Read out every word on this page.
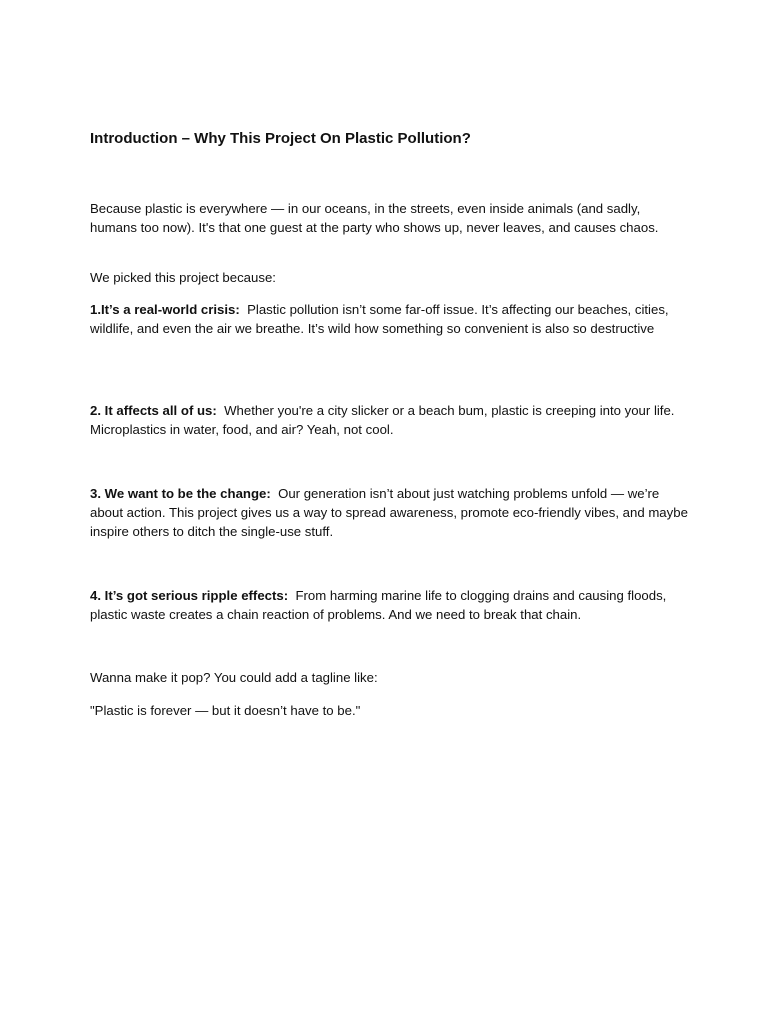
Introduction – Why This Project On Plastic Pollution?

Because plastic is everywhere — in our oceans, in the streets, even inside animals (and sadly, humans too now). It's that one guest at the party who shows up, never leaves, and causes chaos.

We picked this project because:

1.It’s a real-world crisis: Plastic pollution isn’t some far-off issue. It’s affecting our beaches, cities, wildlife, and even the air we breathe. It’s wild how something so convenient is also so destructive

2. It affects all of us: Whether you're a city slicker or a beach bum, plastic is creeping into your life. Microplastics in water, food, and air? Yeah, not cool.

3. We want to be the change: Our generation isn’t about just watching problems unfold — we’re about action. This project gives us a way to spread awareness, promote eco-friendly vibes, and maybe inspire others to ditch the single-use stuff.

4. It’s got serious ripple effects: From harming marine life to clogging drains and causing floods, plastic waste creates a chain reaction of problems. And we need to break that chain.

Wanna make it pop? You could add a tagline like:

"Plastic is forever — but it doesn’t have to be."
